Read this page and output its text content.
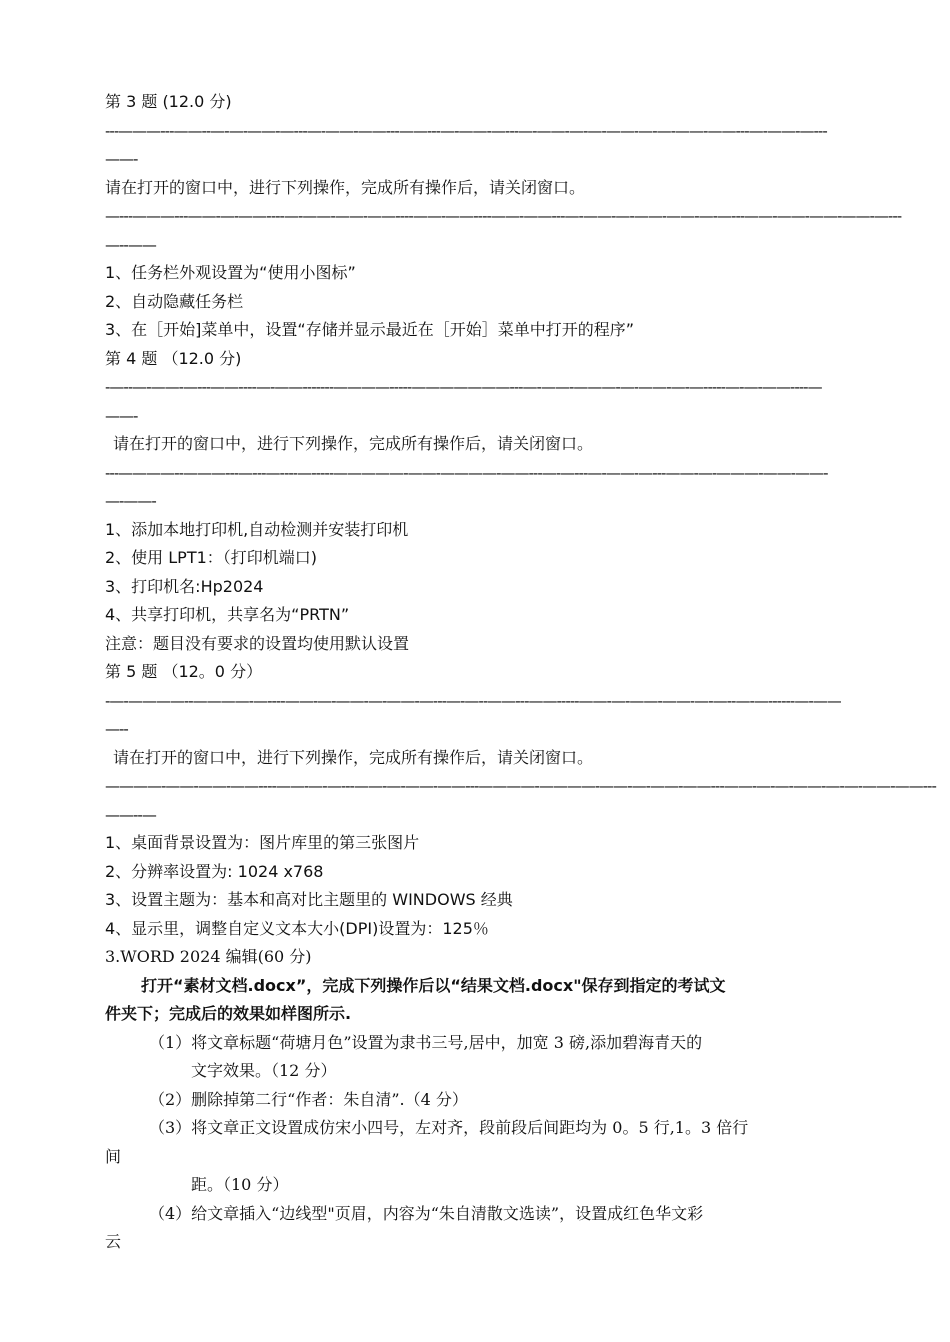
第 3 题 (12.0 分)
---———---——--—-—-——-—---—-——-——---——---—-——-—---—-——-—-—-——-—-—-——-——---—-——-—---
——-
请在打开的窗口中，进行下列操作，完成所有操作后，请关闭窗口。
—---———---——-—-——----—-——-——-——----——-——----——-——---—-——-—-——-——-—-—---——-——-——-——-—---
—--——
1、任务栏外观设置为“使用小图标”
2、自动隐藏任务栏
3、在［开始]菜单中，设置“存储并显示最近在［开始］菜单中打开的程序”
第 4 题 （12.0 分)
-—--—-——-—---——----—-——-------————-----———————---—-——-———-—-——-—-—-----—-—-——----—
——-
请在打开的窗口中，进行下列操作，完成所有操作后，请关闭窗口。
---————--———---—---—----—-----—————-——-————-——---—-—---—-——-—---——-—-———-——-——-
—-——-
1、添加本地打印机,自动检测并安装打印机
2、使用 LPT1：（打印机端口)
3、打印机名:Hp2024
4、共享打印机，共享名为“PRTN”
注意：题目没有要求的设置均使用默认设置
第 5 题 （12。0 分）
-—-————--————-—----——-—-——-—-——-—---—-—--——---——-----——-—-——-——-—-—--—-—------—-——
—--
请在打开的窗口中，进行下列操作，完成所有操作后，请关闭窗口。
————-——-——-——----——-—-—---——-—-——-——---————-————-——-—-——-——---——-—-—-——-—-—-——-——---
——--—
1、桌面背景设置为：图片库里的第三张图片
2、分辨率设置为: 1024 x768
3、设置主题为：基本和高对比主题里的 WINDOWS 经典
4、显示里，调整自定义文本大小(DPI)设置为：125％
3.WORD 2024 编辑(60 分)
打开“素材文档.docx”，完成下列操作后以“结果文档.docx"保存到指定的考试文
件夹下；完成后的效果如样图所示.
（1）将文章标题“荷塘月色”设置为隶书三号,居中，加宽 3 磅,添加碧海青天的
文字效果。（12 分）
（2）删除掉第二行“作者：朱自清”.（4 分）
（3）将文章正文设置成仿宋小四号，左对齐，段前段后间距均为 0。5 行,1。3 倍行
间
距。（10 分）
（4）给文章插入“边线型"页眉，内容为“朱自清散文选读”，设置成红色华文彩
云
